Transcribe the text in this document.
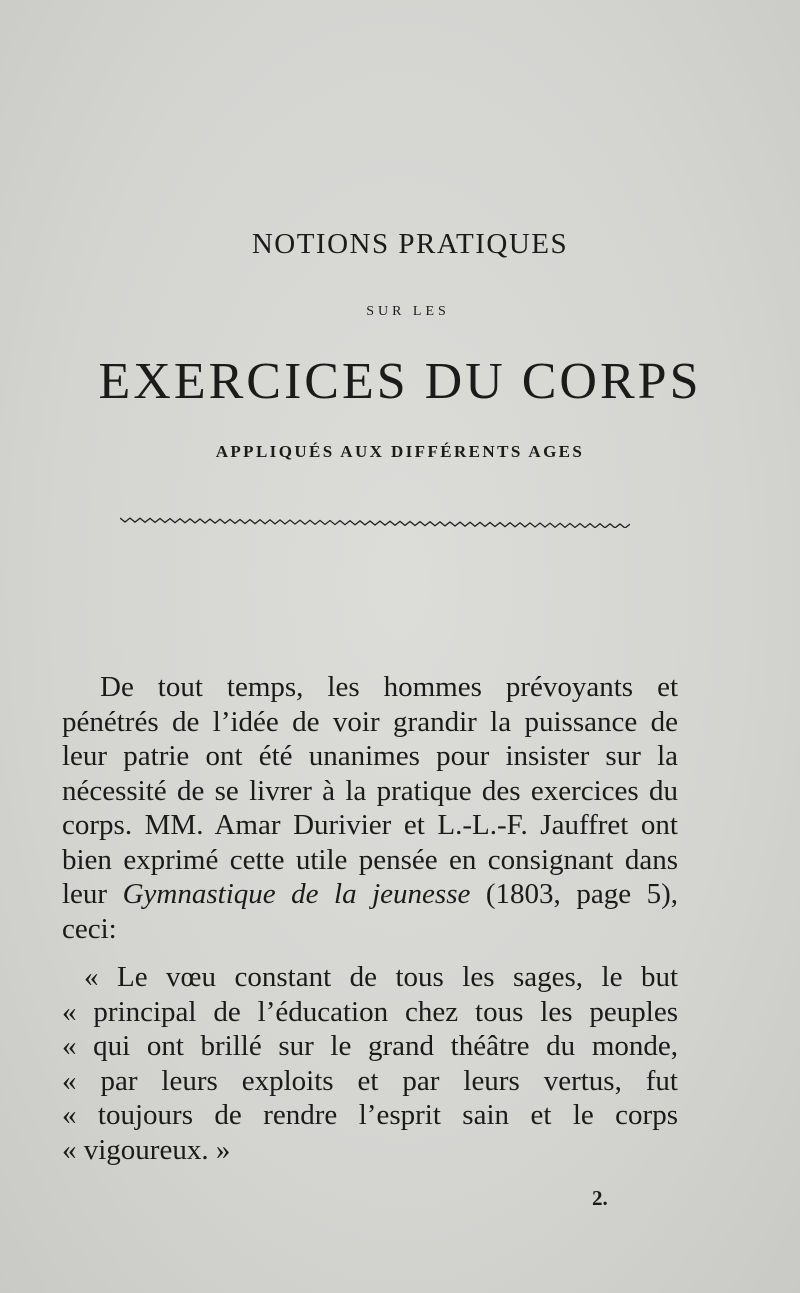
NOTIONS PRATIQUES
SUR LES
EXERCICES DU CORPS
APPLIQUÉS AUX DIFFÉRENTS AGES

De tout temps, les hommes prévoyants et pénétrés de l’idée de voir grandir la puissance de leur patrie ont été unanimes pour insister sur la nécessité de se livrer à la pratique des exercices du corps. MM. Amar Durivier et L.-L.-F. Jauffret ont bien exprimé cette utile pensée en consignant dans leur Gymnastique de la jeunesse (1803, page 5), ceci:

« Le vœu constant de tous les sages, le but
« principal de l’éducation chez tous les peuples
« qui ont brillé sur le grand théâtre du monde,
« par leurs exploits et par leurs vertus, fut
« toujours de rendre l’esprit sain et le corps
« vigoureux. »

2.
